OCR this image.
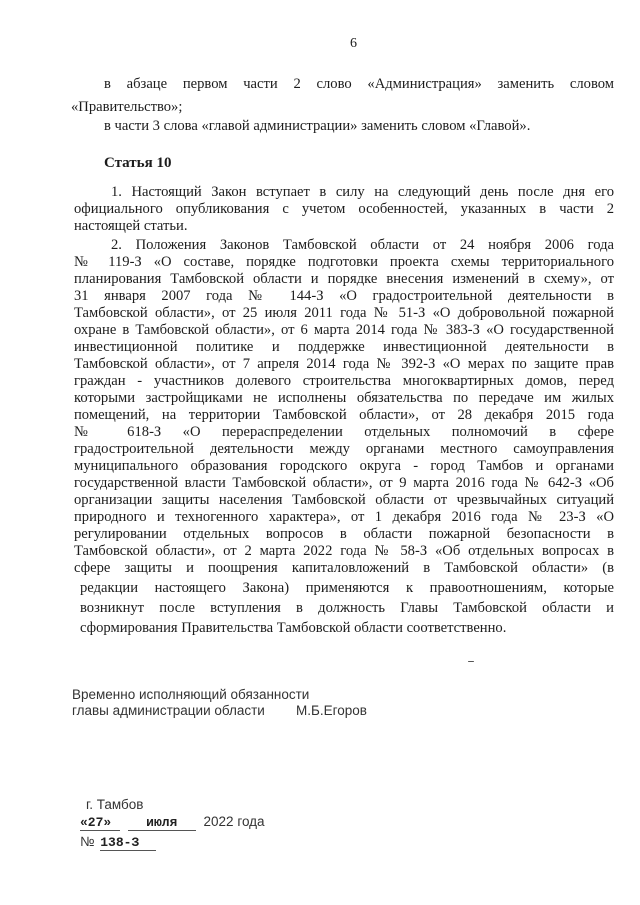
6
в абзаце первом части 2 слово «Администрация» заменить словом
«Правительство»;
в части 3 слова «главой администрации» заменить словом «Главой».
Статья 10
1. Настоящий Закон вступает в силу на следующий день после дня его
официального опубликования с учетом особенностей, указанных в части 2
настоящей статьи.
2. Положения Законов Тамбовской области от 24 ноября 2006 года
№ 119-З «О составе, порядке подготовки проекта схемы территориального
планирования Тамбовской области и порядке внесения изменений в схему», от
31 января 2007 года № 144-З «О градостроительной деятельности в
Тамбовской области», от 25 июля 2011 года № 51-З «О добровольной пожарной
охране в Тамбовской области», от 6 марта 2014 года № 383-З «О государственной
инвестиционной политике и поддержке инвестиционной деятельности в
Тамбовской области», от 7 апреля 2014 года № 392-З «О мерах по защите прав
граждан - участников долевого строительства многоквартирных домов, перед
которыми застройщиками не исполнены обязательства по передаче им жилых
помещений, на территории Тамбовской области», от 28 декабря 2015 года
№ 618-З «О перераспределении отдельных полномочий в сфере
градостроительной деятельности между органами местного самоуправления
муниципального образования городского округа - город Тамбов и органами
государственной власти Тамбовской области», от 9 марта 2016 года № 642-З «Об
организации защиты населения Тамбовской области от чрезвычайных ситуаций
природного и техногенного характера», от 1 декабря 2016 года № 23-З «О
регулировании отдельных вопросов в области пожарной безопасности в
Тамбовской области», от 2 марта 2022 года № 58-З «Об отдельных вопросах в
сфере защиты и поощрения капиталовложений в Тамбовской области» (в
редакции настоящего Закона) применяются к правоотношениям, которые
возникнут после вступления в должность Главы Тамбовской области и
сформирования Правительства Тамбовской области соответственно.
Временно исполняющий обязанности
главы администрации области М.Б.Егоров
г. Тамбов
«27»	июля 2022 года
№ 138-З
